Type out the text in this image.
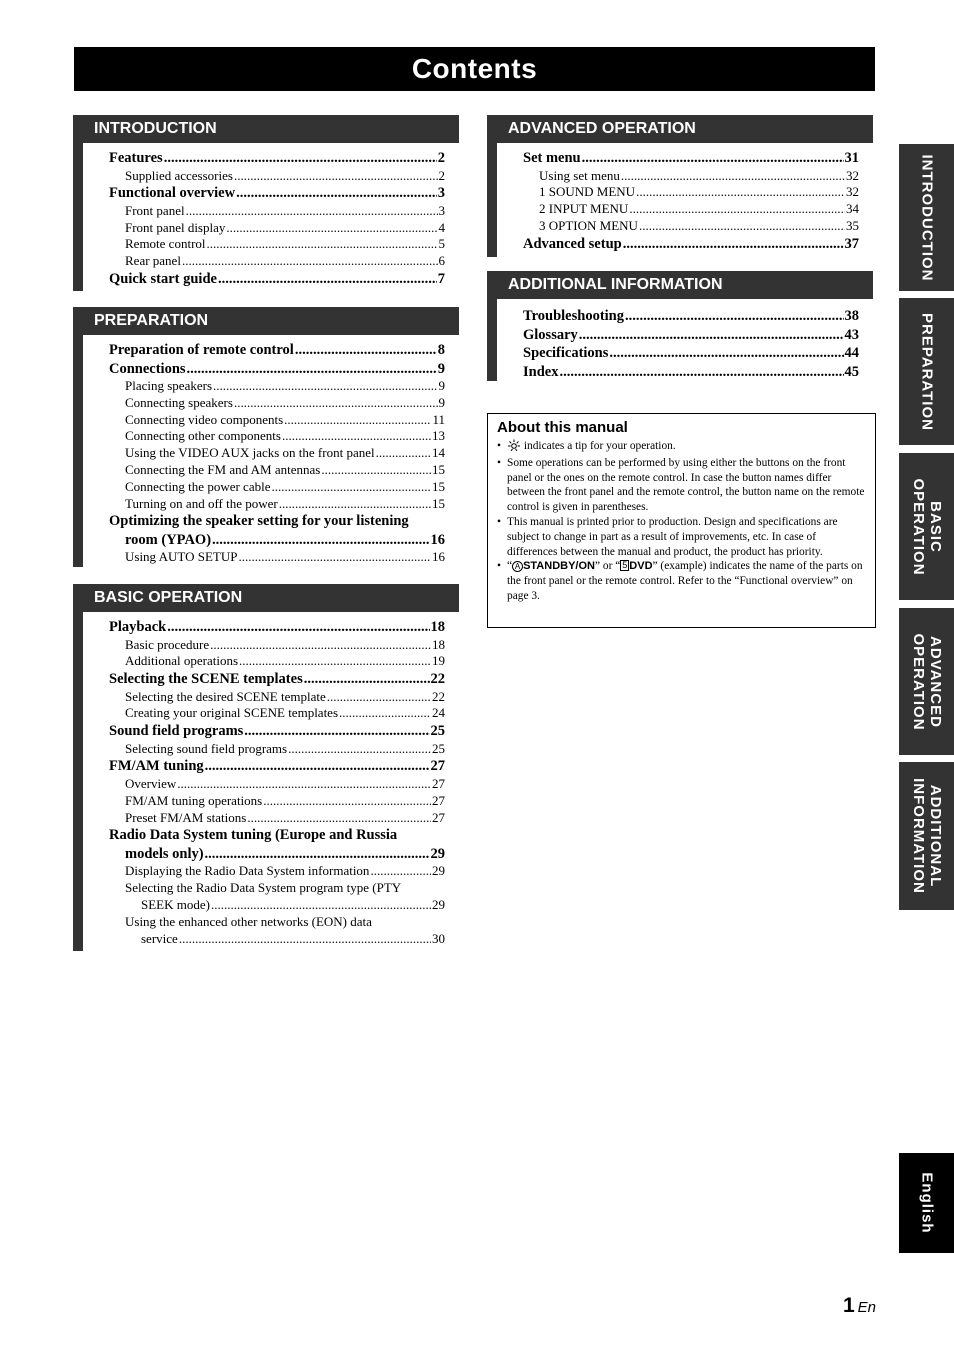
Contents
INTRODUCTION
Features .....	2
Supplied accessories .....	2
Functional overview .....	3
Front panel .....	3
Front panel display .....	4
Remote control .....	5
Rear panel .....	6
Quick start guide .....	7
PREPARATION
Preparation of remote control .....	8
Connections .....	9
Placing speakers .....	9
Connecting speakers .....	9
Connecting video components .....	11
Connecting other components .....	13
Using the VIDEO AUX jacks on the front panel .....	14
Connecting the FM and AM antennas .....	15
Connecting the power cable .....	15
Turning on and off the power .....	15
Optimizing the speaker setting for your listening
room (YPAO) .....	16
Using AUTO SETUP .....	16
BASIC OPERATION
Playback .....	18
Basic procedure .....	18
Additional operations .....	19
Selecting the SCENE templates .....	22
Selecting the desired SCENE template .....	22
Creating your original SCENE templates .....	24
Sound field programs .....	25
Selecting sound field programs .....	25
FM/AM tuning .....	27
Overview .....	27
FM/AM tuning operations .....	27
Preset FM/AM stations .....	27
Radio Data System tuning (Europe and Russia
models only) .....	29
Displaying the Radio Data System information .....	29
Selecting the Radio Data System program type (PTY
SEEK mode) .....	29
Using the enhanced other networks (EON) data
service .....	30
ADVANCED OPERATION
Set menu .....	31
Using set menu .....	32
1 SOUND MENU .....	32
2 INPUT MENU .....	34
3 OPTION MENU .....	35
Advanced setup .....	37
ADDITIONAL INFORMATION
Troubleshooting .....	38
Glossary .....	43
Specifications .....	44
Index .....	45
About this manual
• indicates a tip for your operation.
• Some operations can be performed by using either the buttons on the front panel or the ones on the remote control. In case the button names differ between the front panel and the remote control, the button name on the remote control is given in parentheses.
• This manual is printed prior to production. Design and specifications are subject to change in part as a result of improvements, etc. In case of differences between the manual and product, the product has priority.
• “ A STANDBY/ON” or “ 5 DVD” (example) indicates the name of the parts on the front panel or the remote control. Refer to the “Functional overview” on page 3.
INTRODUCTION
PREPARATION
BASIC
OPERATION
ADVANCED
OPERATION
ADDITIONAL
INFORMATION
English
1 En
